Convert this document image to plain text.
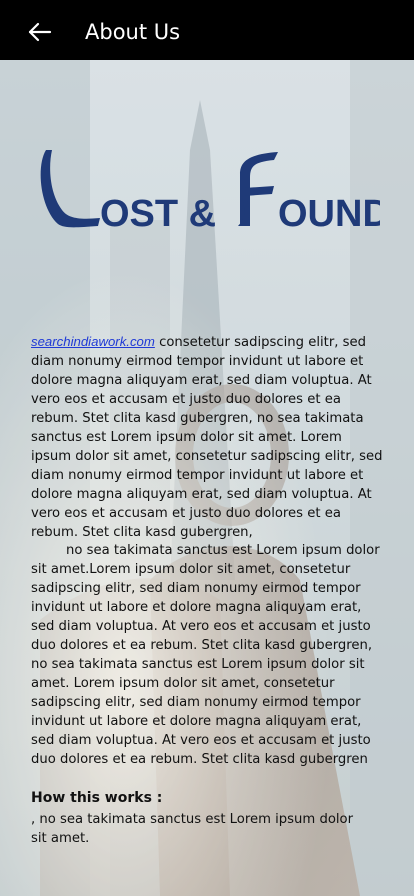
About Us
OST & OUND

searchindiawork.com consetetur sadipscing elitr, sed diam nonumy eirmod tempor invidunt ut labore et dolore magna aliquyam erat, sed diam voluptua. At vero eos et accusam et justo duo dolores et ea rebum. Stet clita kasd gubergren, no sea takimata sanctus est Lorem ipsum dolor sit amet. Lorem ipsum dolor sit amet, consetetur sadipscing elitr, sed diam nonumy eirmod tempor invidunt ut labore et dolore magna aliquyam erat, sed diam voluptua. At vero eos et accusam et justo duo dolores et ea rebum. Stet clita kasd gubergren,

no sea takimata sanctus est Lorem ipsum dolor sit amet.Lorem ipsum dolor sit amet, consetetur sadipscing elitr, sed diam nonumy eirmod tempor invidunt ut labore et dolore magna aliquyam erat, sed diam voluptua. At vero eos et accusam et justo duo dolores et ea rebum. Stet clita kasd gubergren, no sea takimata sanctus est Lorem ipsum dolor sit amet. Lorem ipsum dolor sit amet, consetetur sadipscing elitr, sed diam nonumy eirmod tempor invidunt ut labore et dolore magna aliquyam erat, sed diam voluptua. At vero eos et accusam et justo duo dolores et ea rebum. Stet clita kasd gubergren

How this works :
, no sea takimata sanctus est Lorem ipsum dolor sit amet.
